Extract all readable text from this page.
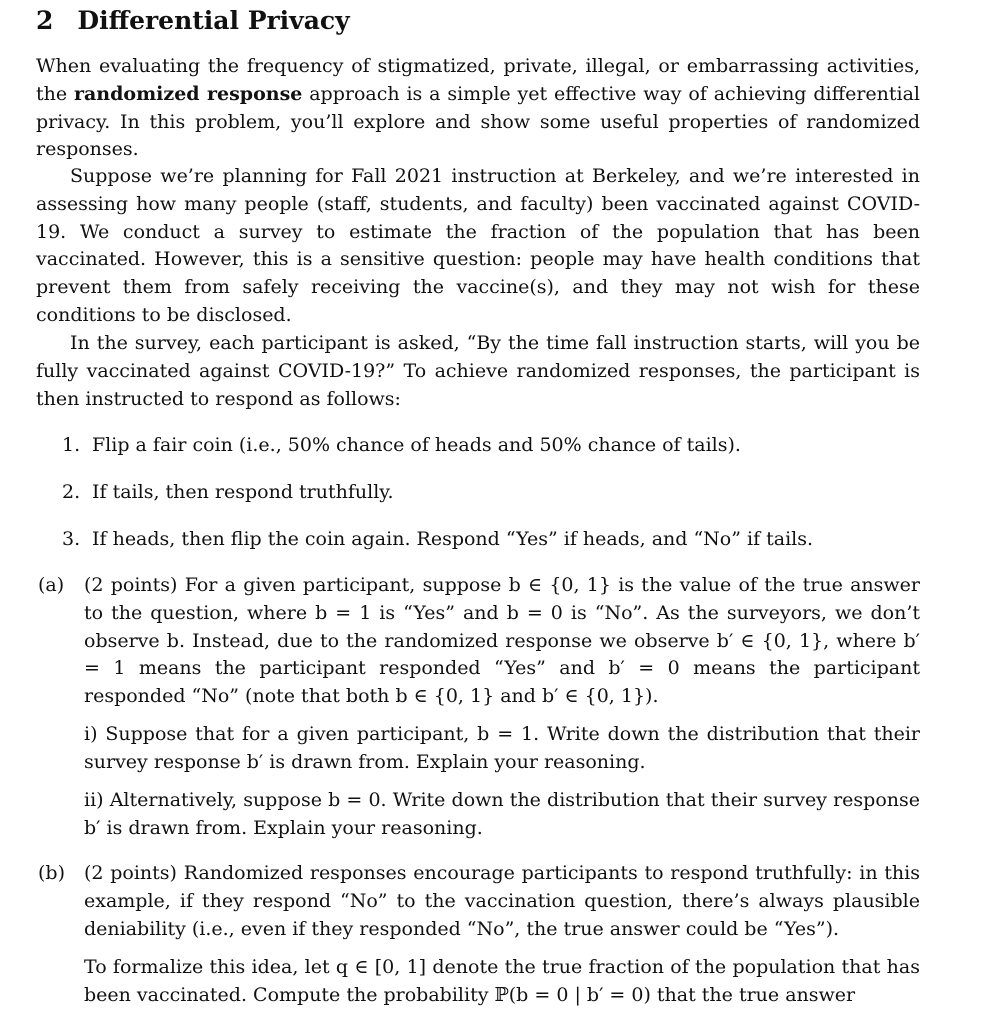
2 Differential Privacy

When evaluating the frequency of stigmatized, private, illegal, or embarrassing activities, the randomized response approach is a simple yet effective way of achieving differential privacy. In this problem, you’ll explore and show some useful properties of randomized responses.

Suppose we’re planning for Fall 2021 instruction at Berkeley, and we’re interested in assessing how many people (staff, students, and faculty) been vaccinated against COVID-19. We conduct a survey to estimate the fraction of the population that has been vaccinated. However, this is a sensitive question: people may have health conditions that prevent them from safely receiving the vaccine(s), and they may not wish for these conditions to be disclosed.

In the survey, each participant is asked, “By the time fall instruction starts, will you be fully vaccinated against COVID-19?” To achieve randomized responses, the participant is then instructed to respond as follows:

1. Flip a fair coin (i.e., 50% chance of heads and 50% chance of tails).
2. If tails, then respond truthfully.
3. If heads, then flip the coin again. Respond “Yes” if heads, and “No” if tails.
(a) (2 points) For a given participant, suppose b ∈ {0, 1} is the value of the true answer to the question, where b = 1 is “Yes” and b = 0 is “No”. As the surveyors, we don’t observe b. Instead, due to the randomized response we observe b′ ∈ {0, 1}, where b′ = 1 means the participant responded “Yes” and b′ = 0 means the participant responded “No” (note that both b ∈ {0, 1} and b′ ∈ {0, 1}).

i) Suppose that for a given participant, b = 1. Write down the distribution that their survey response b′ is drawn from. Explain your reasoning.

ii) Alternatively, suppose b = 0. Write down the distribution that their survey response b′ is drawn from. Explain your reasoning.

(b) (2 points) Randomized responses encourage participants to respond truthfully: in this example, if they respond “No” to the vaccination question, there’s always plausible deniability (i.e., even if they responded “No”, the true answer could be “Yes”).

To formalize this idea, let q ∈ [0, 1] denote the true fraction of the population that has been vaccinated. Compute the probability ℙ(b = 0 | b′ = 0) that the true answer
